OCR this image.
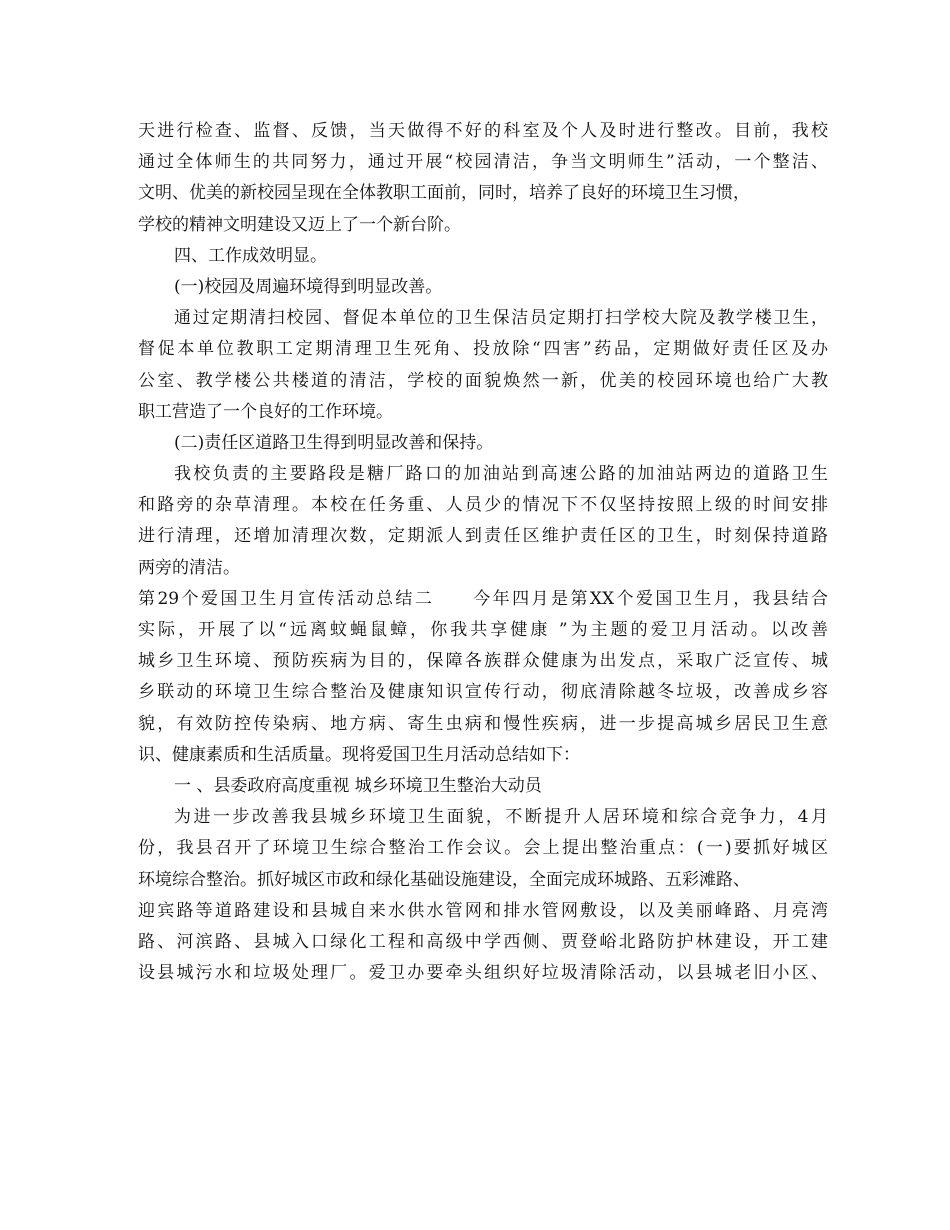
天进行检查、监督、反馈，当天做得不好的科室及个人及时进行整改。目前，我校
通过全体师生的共同努力，通过开展“校园清洁，争当文明师生”活动，一个整洁、
文明、优美的新校园呈现在全体教职工面前，同时，培养了良好的环境卫生习惯，
学校的精神文明建设又迈上了一个新台阶。
四、工作成效明显。
(一)校园及周遍环境得到明显改善。
通过定期清扫校园、督促本单位的卫生保洁员定期打扫学校大院及教学楼卫生，
督促本单位教职工定期清理卫生死角、投放除“四害”药品，定期做好责任区及办
公室、教学楼公共楼道的清洁，学校的面貌焕然一新，优美的校园环境也给广大教
职工营造了一个良好的工作环境。
(二)责任区道路卫生得到明显改善和保持。
我校负责的主要路段是糖厂路口的加油站到高速公路的加油站两边的道路卫生
和路旁的杂草清理。本校在任务重、人员少的情况下不仅坚持按照上级的时间安排
进行清理，还增加清理次数，定期派人到责任区维护责任区的卫生，时刻保持道路
两旁的清洁。
第29个爱国卫生月宣传活动总结二　　今年四月是第XX个爱国卫生月，我县结合
实际，开展了以“远离蚊蝇鼠蟑，你我共享健康 ”为主题的爱卫月活动。以改善
城乡卫生环境、预防疾病为目的，保障各族群众健康为出发点，采取广泛宣传、城
乡联动的环境卫生综合整治及健康知识宣传行动，彻底清除越冬垃圾，改善成乡容
貌，有效防控传染病、地方病、寄生虫病和慢性疾病，进一步提高城乡居民卫生意
识、健康素质和生活质量。现将爱国卫生月活动总结如下：
一 、县委政府高度重视 城乡环境卫生整治大动员
为进一步改善我县城乡环境卫生面貌，不断提升人居环境和综合竞争力，4月
份，我县召开了环境卫生综合整治工作会议。会上提出整治重点：(一)要抓好城区
环境综合整治。抓好城区市政和绿化基础设施建设，全面完成环城路、五彩滩路、
迎宾路等道路建设和县城自来水供水管网和排水管网敷设，以及美丽峰路、月亮湾
路、河滨路、县城入口绿化工程和高级中学西侧、贾登峪北路防护林建设，开工建
设县城污水和垃圾处理厂。爱卫办要牵头组织好垃圾清除活动，以县城老旧小区、
